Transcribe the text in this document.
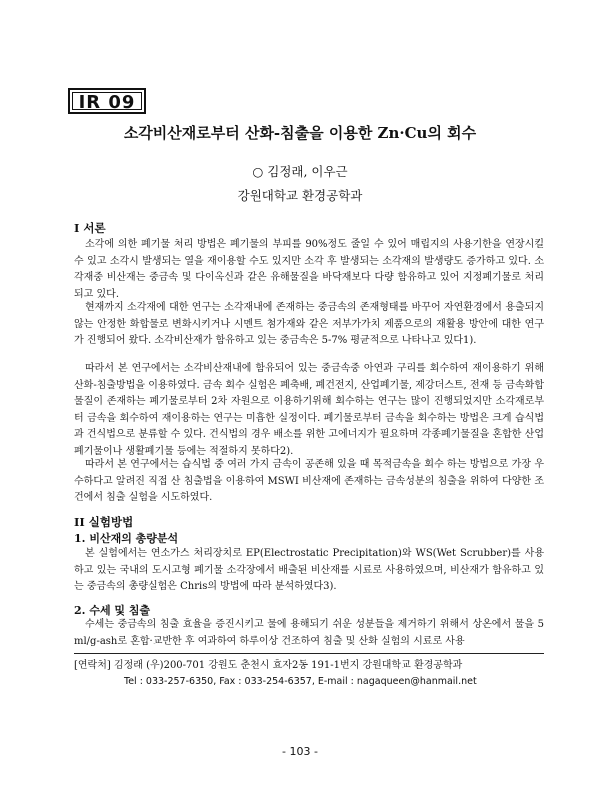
IR 09
소각비산재로부터 산화-침출을 이용한 Zn·Cu의 회수
○ 김정래, 이우근
강원대학교 환경공학과
I 서론

소각에 의한 폐기물 처리 방법은 폐기물의 부피를 90%정도 줄일 수 있어 매립지의 사용기한을 연장시킬 수 있고 소각시 발생되는 열을 재이용할 수도 있지만 소각 후 발생되는 소각재의 발생량도 증가하고 있다. 소각재중 비산재는 중금속 및 다이옥신과 같은 유해물질을 바닥재보다 다량 함유하고 있어 지정폐기물로 처리되고 있다.

현재까지 소각재에 대한 연구는 소각재내에 존재하는 중금속의 존재형태를 바꾸어 자연환경에서 용출되지 않는 안정한 화합물로 변화시키거나 시멘트 첨가재와 같은 저부가가치 제품으로의 재활용 방안에 대한 연구가 진행되어 왔다. 소각비산재가 함유하고 있는 중금속은 5-7% 평균적으로 나타나고 있다1).

따라서 본 연구에서는 소각비산재내에 함유되어 있는 중금속중 아연과 구리를 회수하여 재이용하기 위해 산화-침출방법을 이용하였다. 금속 회수 실험은 폐축배, 폐건전지, 산업폐기물, 제강더스트, 전재 등 금속화합물질이 존재하는 폐기물로부터 2차 자원으로 이용하기위해 회수하는 연구는 많이 진행되었지만 소각재로부터 금속을 회수하여 재이용하는 연구는 미흡한 실정이다. 폐기물로부터 금속을 회수하는 방법은 크게 습식법과 건식법으로 분류할 수 있다. 건식법의 경우 배소를 위한 고에너지가 필요하며 각종폐기물질을 혼합한 산업폐기물이나 생활폐기물 등에는 적절하지 못하다2).

따라서 본 연구에서는 습식법 중 여러 가지 금속이 공존해 있을 때 목적금속을 회수 하는 방법으로 가장 우수하다고 알려진 직접 산 침출법을 이용하여 MSWI 비산재에 존재하는 금속성분의 침출을 위하여 다양한 조건에서 침출 실험을 시도하였다.

II 실험방법
1. 비산재의 총량분석

본 실험에서는 연소가스 처리장치로 EP(Electrostatic Precipitation)와 WS(Wet Scrubber)를 사용하고 있는 국내의 도시고형 폐기물 소각장에서 배출된 비산재를 시료로 사용하였으며, 비산재가 함유하고 있는 중금속의 총량실험은 Chris의 방법에 따라 분석하였다3).

2. 수세 및 침출

수세는 중금속의 침출 효율을 증진시키고 물에 용해되기 쉬운 성분들을 제거하기 위해서 상온에서 물을 5 ml/g-ash로 혼합·교반한 후 여과하여 하루이상 건조하여 침출 및 산화 실험의 시료로 사용

[연락처] 김정래 (우)200-701 강원도 춘천시 효자2동 191-1번지 강원대학교 환경공학과
Tel : 033-257-6350, Fax : 033-254-6357, E-mail : nagaqueen@hanmail.net
- 103 -
